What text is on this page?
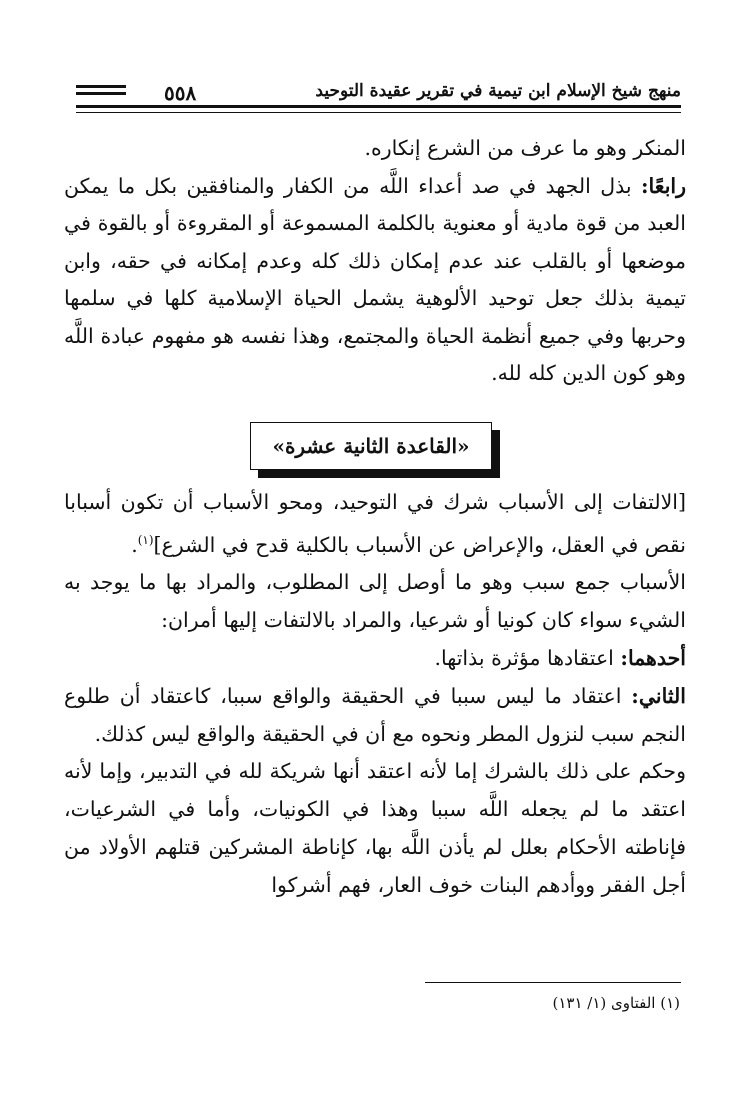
منهج شيخ الإسلام ابن تيمية في تقرير عقيدة التوحيد
٥٥٨

المنكر وهو ما عرف من الشرع إنكاره.

رابعًا: بذل الجهد في صد أعداء اللَّه من الكفار والمنافقين بكل ما يمكن العبد من قوة مادية أو معنوية بالكلمة المسموعة أو المقروءة أو بالقوة في موضعها أو بالقلب عند عدم إمكان ذلك كله وعدم إمكانه في حقه، وابن تيمية بذلك جعل توحيد الألوهية يشمل الحياة الإسلامية كلها في سلمها وحربها وفي جميع أنظمة الحياة والمجتمع، وهذا نفسه هو مفهوم عبادة اللَّه وهو كون الدين كله لله.

«القاعدة الثانية عشرة»

[الالتفات إلى الأسباب شرك في التوحيد، ومحو الأسباب أن تكون أسبابا نقص في العقل، والإعراض عن الأسباب بالكلية قدح في الشرع]$^{(١)}$.

الأسباب جمع سبب وهو ما أوصل إلى المطلوب، والمراد بها ما يوجد به الشيء سواء كان كونيا أو شرعيا، والمراد بالالتفات إليها أمران:

أحدهما: اعتقادها مؤثرة بذاتها.

الثاني: اعتقاد ما ليس سببا في الحقيقة والواقع سببا، كاعتقاد أن طلوع النجم سبب لنزول المطر ونحوه مع أن في الحقيقة والواقع ليس كذلك.

وحكم على ذلك بالشرك إما لأنه اعتقد أنها شريكة لله في التدبير، وإما لأنه اعتقد ما لم يجعله اللَّه سببا وهذا في الكونيات، وأما في الشرعيات، فإناطته الأحكام بعلل لم يأذن اللَّه بها، كإناطة المشركين قتلهم الأولاد من أجل الفقر ووأدهم البنات خوف العار، فهم أشركوا

(١) الفتاوى (١/ ١٣١)
